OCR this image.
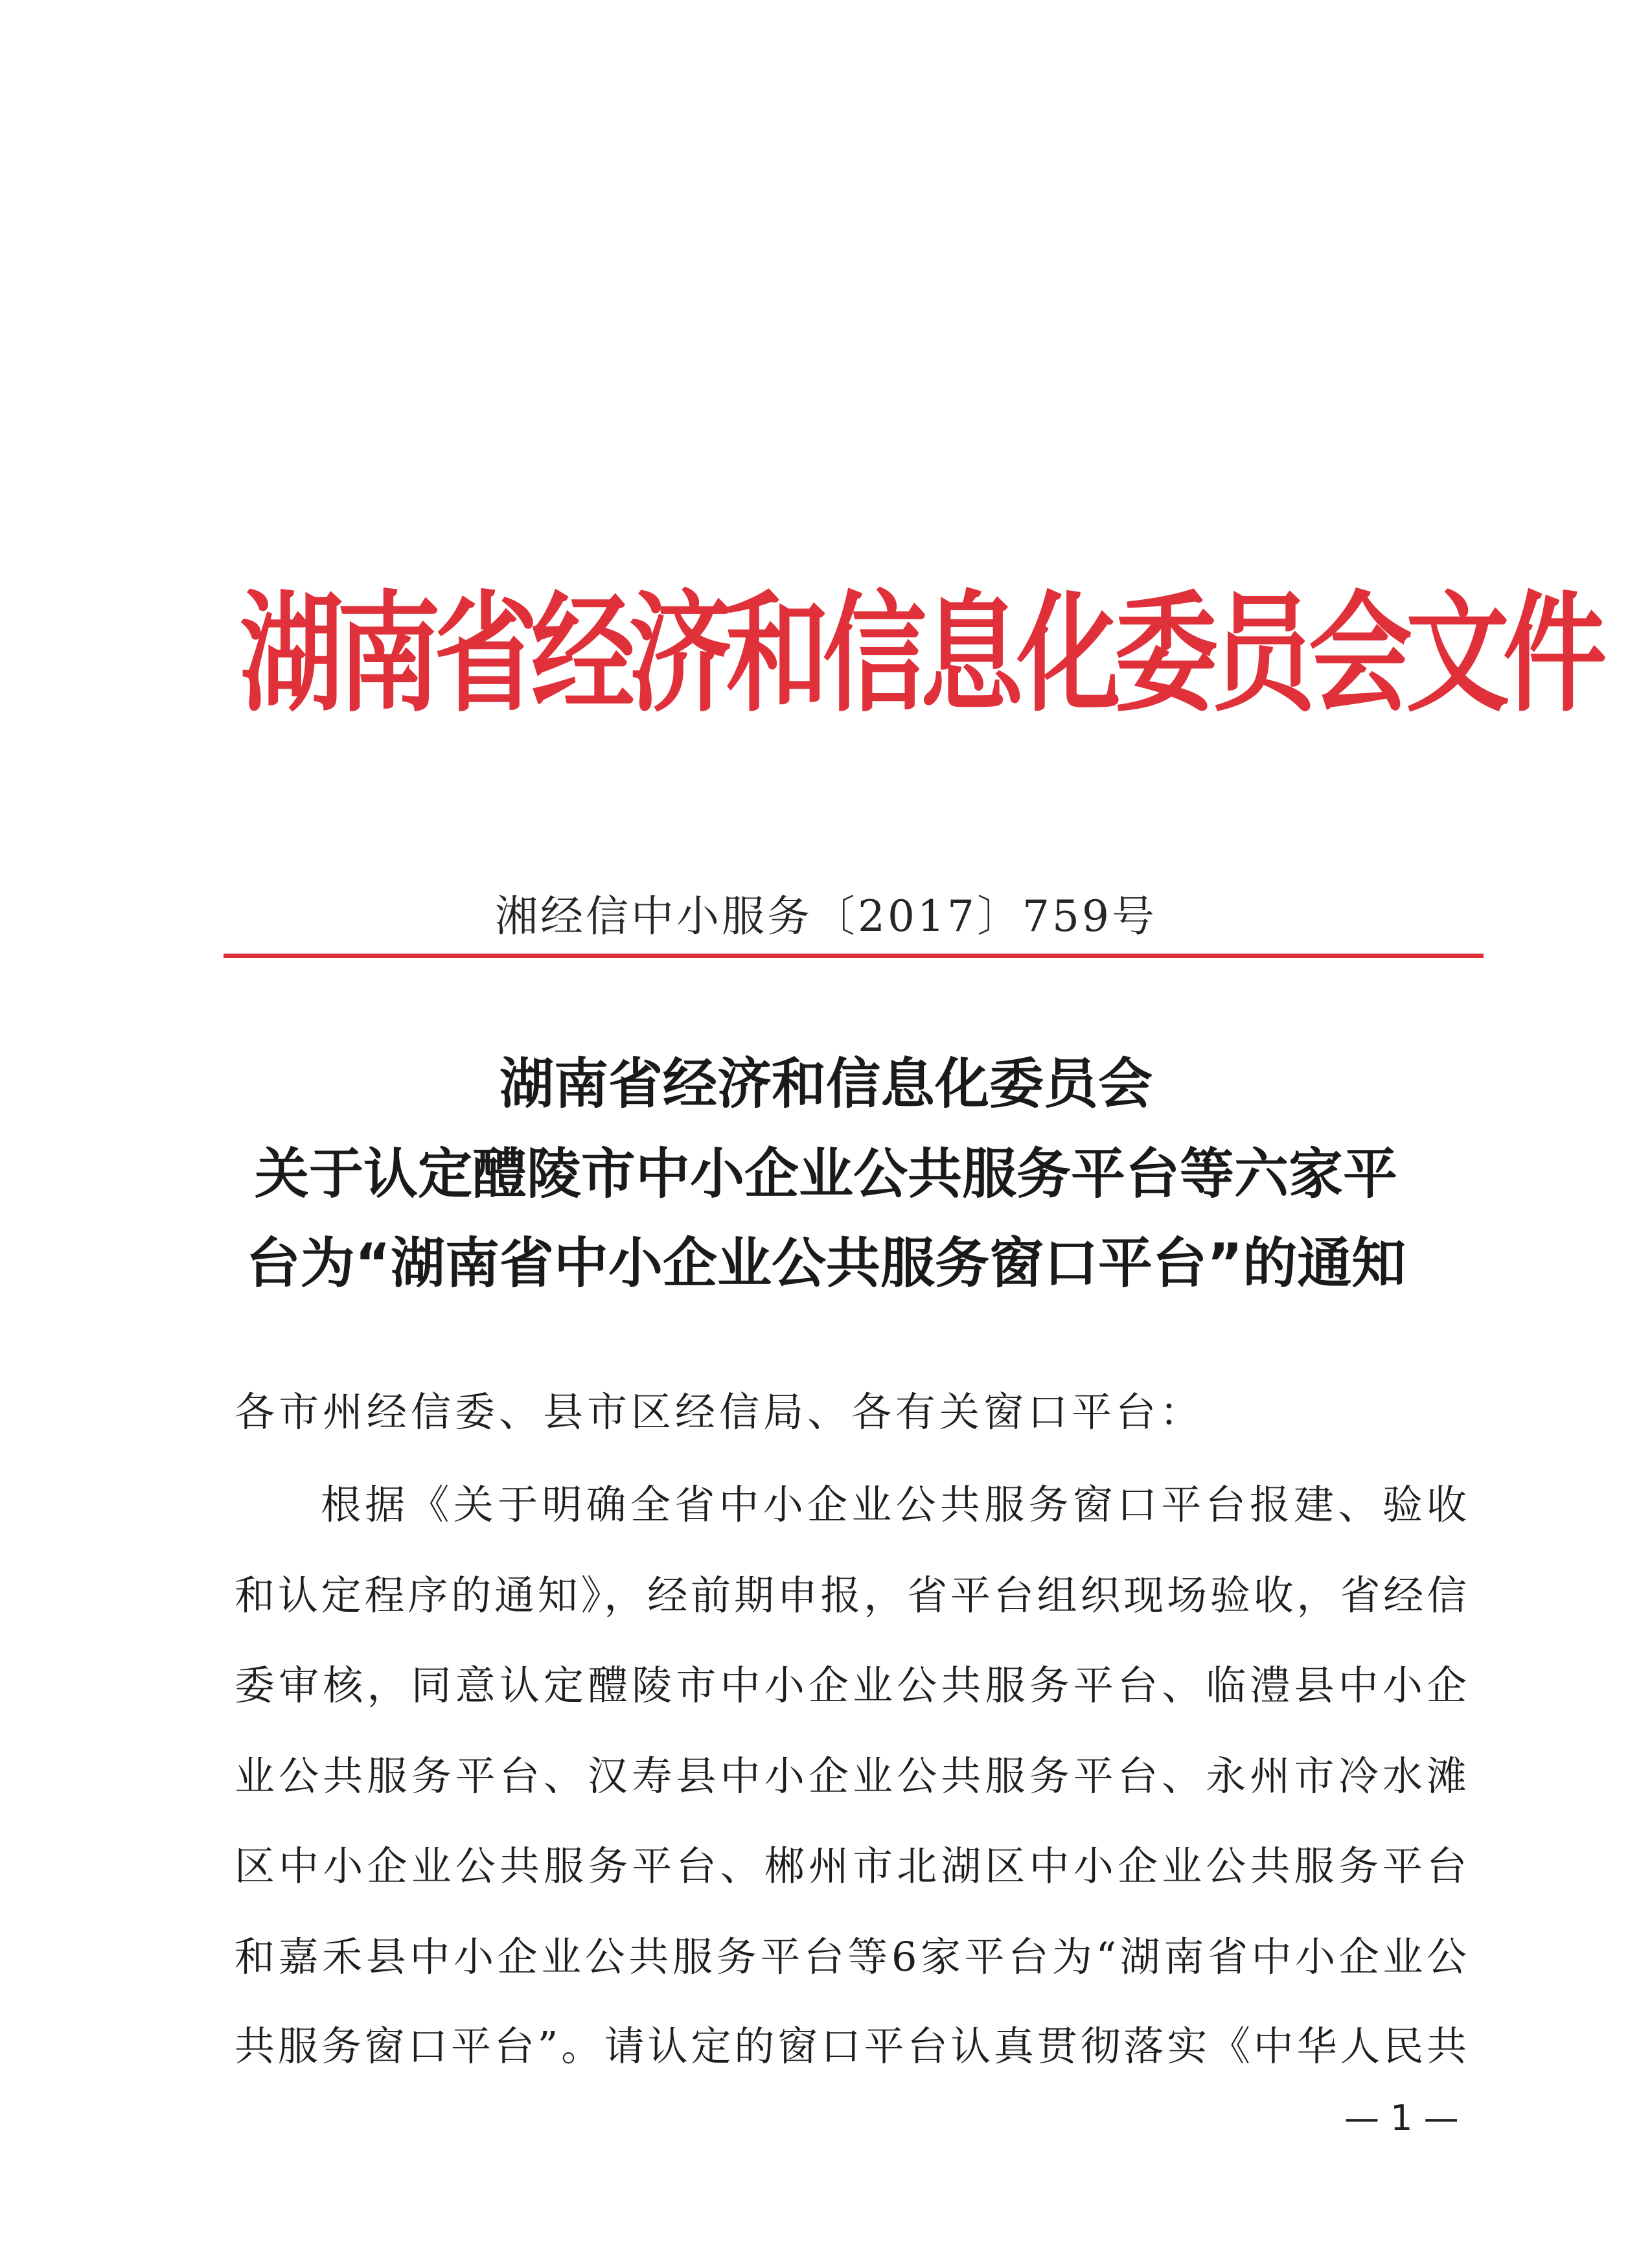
湖南省经济和信息化委员会文件
湘经信中小服务〔2017〕759号
湖南省经济和信息化委员会
关于认定醴陵市中小企业公共服务平台等六家平
台为“湖南省中小企业公共服务窗口平台”的通知
各市州经信委、县市区经信局、各有关窗口平台：
根据《关于明确全省中小企业公共服务窗口平台报建、验收
和认定程序的通知》，经前期申报，省平台组织现场验收，省经信
委审核，同意认定醴陵市中小企业公共服务平台、临澧县中小企
业公共服务平台、汉寿县中小企业公共服务平台、永州市冷水滩
区中小企业公共服务平台、郴州市北湖区中小企业公共服务平台
和嘉禾县中小企业公共服务平台等6家平台为“湖南省中小企业公
共服务窗口平台”。请认定的窗口平台认真贯彻落实《中华人民共
— 1 —
